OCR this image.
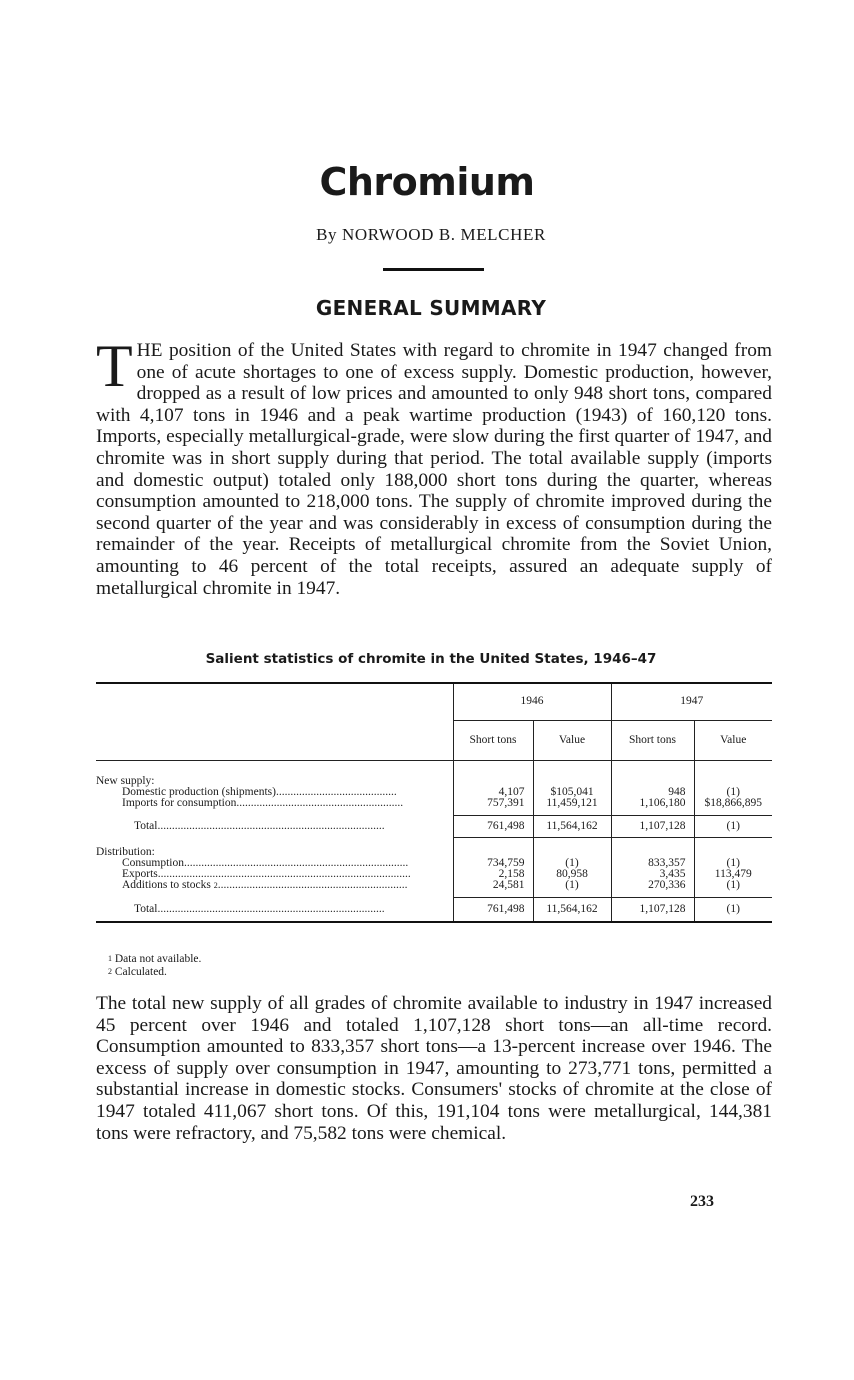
Chromium
By NORWOOD B. MELCHER
GENERAL SUMMARY
THE position of the United States with regard to chromite in 1947 changed from one of acute shortages to one of excess supply. Domestic production, however, dropped as a result of low prices and amounted to only 948 short tons, compared with 4,107 tons in 1946 and a peak wartime production (1943) of 160,120 tons. Imports, especially metallurgical-grade, were slow during the first quarter of 1947, and chromite was in short supply during that period. The total available supply (imports and domestic output) totaled only 188,000 short tons during the quarter, whereas consumption amounted to 218,000 tons. The supply of chromite improved during the second quarter of the year and was considerably in excess of consumption during the remainder of the year. Receipts of metallurgical chromite from the Soviet Union, amounting to 46 percent of the total receipts, assured an adequate supply of metallurgical chromite in 1947.
Salient statistics of chromite in the United States, 1946–47
	1946		1947	
	Short tons	Value	Short tons	Value

New supply:				
Domestic production (shipments)..........................................	4,107	$105,041	948	(1)
Imports for consumption..........................................................	757,391	11,459,121	1,106,180	$18,866,895

Total...............................................................................	761,498	11,564,162	1,107,128	(1)

Distribution:				
Consumption..............................................................................	734,759	(1)	833,357	(1)
Exports........................................................................................	2,158	80,958	3,435	113,479
Additions to stocks $^2$..................................................................	24,581	(1)	270,336	(1)

Total...............................................................................	761,498	11,564,162	1,107,128	(1)
$^1$ Data not available.
$^2$ Calculated.
The total new supply of all grades of chromite available to industry in 1947 increased 45 percent over 1946 and totaled 1,107,128 short tons—an all-time record. Consumption amounted to 833,357 short tons—a 13-percent increase over 1946. The excess of supply over consumption in 1947, amounting to 273,771 tons, permitted a substantial increase in domestic stocks. Consumers' stocks of chromite at the close of 1947 totaled 411,067 short tons. Of this, 191,104 tons were metallurgical, 144,381 tons were refractory, and 75,582 tons were chemical.
233
